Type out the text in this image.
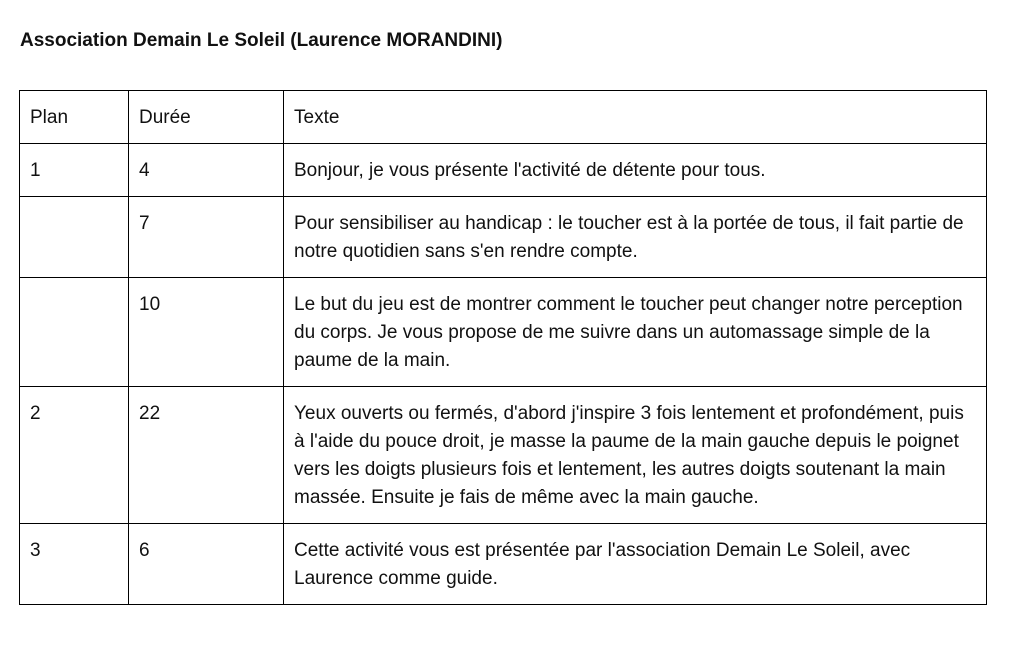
Association Demain Le Soleil (Laurence MORANDINI)
Plan	Durée	Texte
1	4	Bonjour, je vous présente l'activité de détente pour tous.
	7	Pour sensibiliser au handicap : le toucher est à la portée de tous, il fait partie de notre quotidien sans s'en rendre compte.
	10	Le but du jeu est de montrer comment le toucher peut changer notre perception du corps. Je vous propose de me suivre dans un automassage simple de la paume de la main.
2	22	Yeux ouverts ou fermés, d'abord j'inspire 3 fois lentement et profondément, puis à l'aide du pouce droit, je masse la paume de la main gauche depuis le poignet vers les doigts plusieurs fois et lentement, les autres doigts soutenant la main massée. Ensuite je fais de même avec la main gauche.
3	6	Cette activité vous est présentée par l'association Demain Le Soleil, avec Laurence comme guide.
